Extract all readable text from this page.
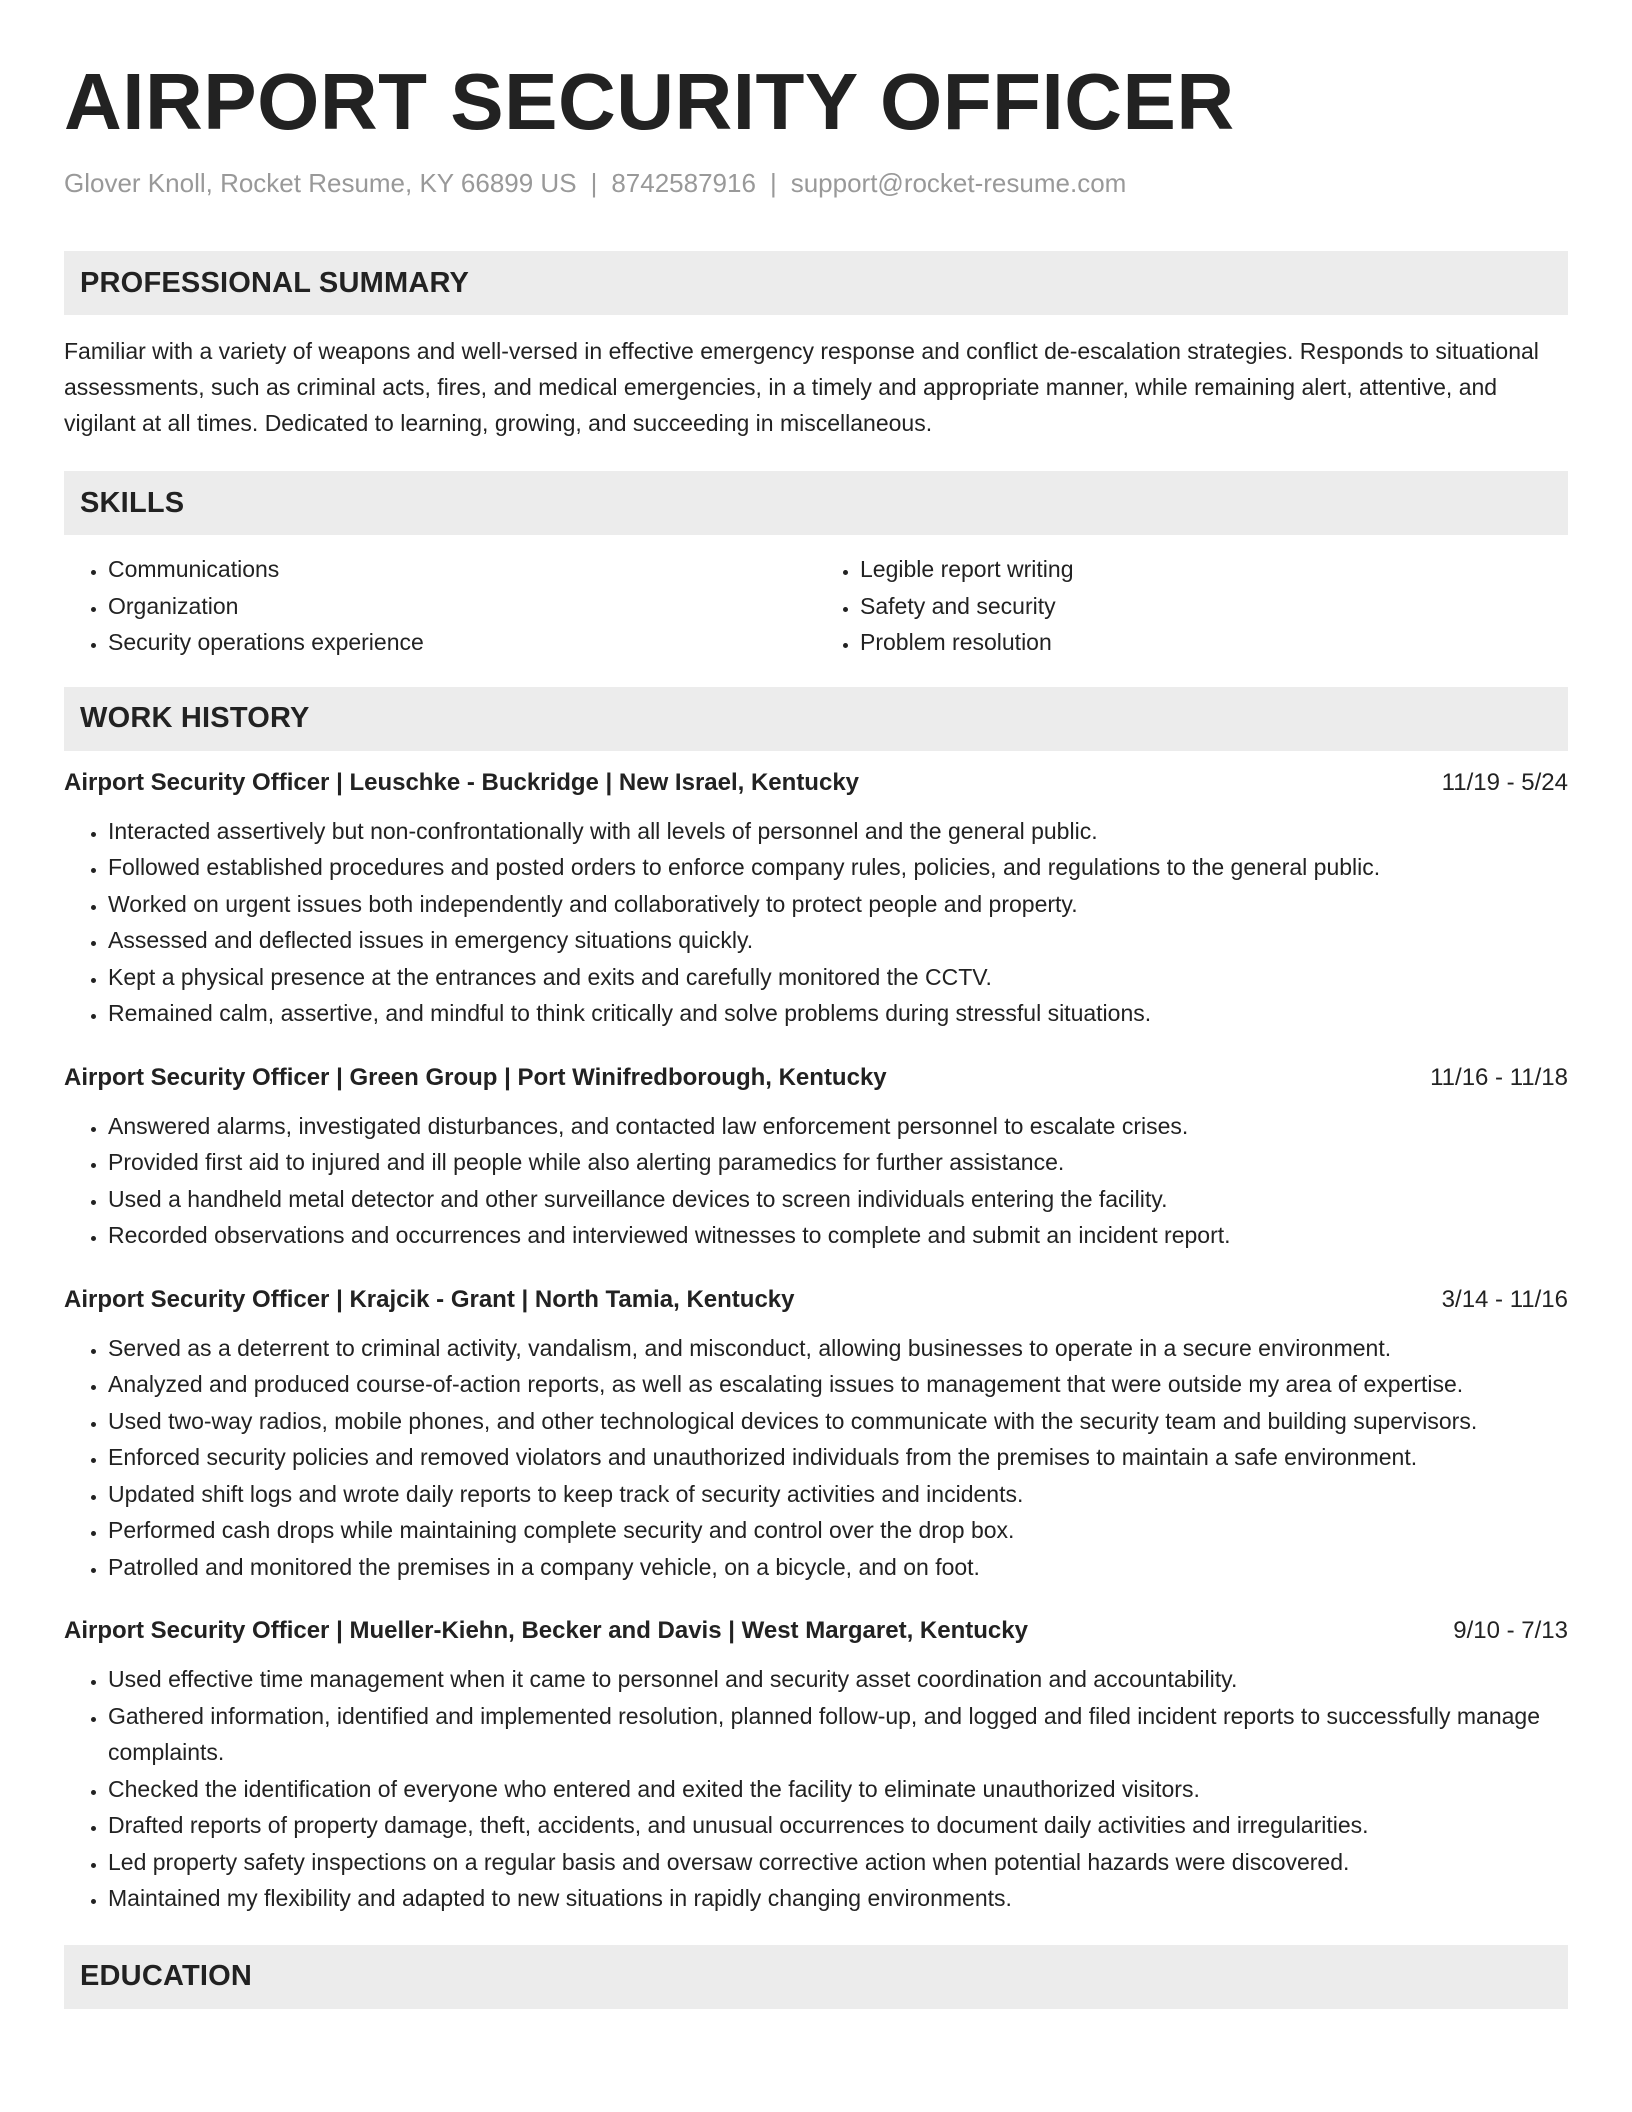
AIRPORT SECURITY OFFICER
Glover Knoll, Rocket Resume, KY 66899 US | 8742587916 | support@rocket-resume.com
PROFESSIONAL SUMMARY

Familiar with a variety of weapons and well-versed in effective emergency response and conflict de-escalation strategies. Responds to situational assessments, such as criminal acts, fires, and medical emergencies, in a timely and appropriate manner, while remaining alert, attentive, and vigilant at all times. Dedicated to learning, growing, and succeeding in miscellaneous.

SKILLS
• Communications
• Organization
• Security operations experience
• Legible report writing
• Safety and security
• Problem resolution
WORK HISTORY
Airport Security Officer | Leuschke - Buckridge | New Israel, Kentucky	11/19 - 5/24
• Interacted assertively but non-confrontationally with all levels of personnel and the general public.
• Followed established procedures and posted orders to enforce company rules, policies, and regulations to the general public.
• Worked on urgent issues both independently and collaboratively to protect people and property.
• Assessed and deflected issues in emergency situations quickly.
• Kept a physical presence at the entrances and exits and carefully monitored the CCTV.
• Remained calm, assertive, and mindful to think critically and solve problems during stressful situations.
Airport Security Officer | Green Group | Port Winifredborough, Kentucky	11/16 - 11/18
• Answered alarms, investigated disturbances, and contacted law enforcement personnel to escalate crises.
• Provided first aid to injured and ill people while also alerting paramedics for further assistance.
• Used a handheld metal detector and other surveillance devices to screen individuals entering the facility.
• Recorded observations and occurrences and interviewed witnesses to complete and submit an incident report.
Airport Security Officer | Krajcik - Grant | North Tamia, Kentucky	3/14 - 11/16
• Served as a deterrent to criminal activity, vandalism, and misconduct, allowing businesses to operate in a secure environment.
• Analyzed and produced course-of-action reports, as well as escalating issues to management that were outside my area of expertise.
• Used two-way radios, mobile phones, and other technological devices to communicate with the security team and building supervisors.
• Enforced security policies and removed violators and unauthorized individuals from the premises to maintain a safe environment.
• Updated shift logs and wrote daily reports to keep track of security activities and incidents.
• Performed cash drops while maintaining complete security and control over the drop box.
• Patrolled and monitored the premises in a company vehicle, on a bicycle, and on foot.
Airport Security Officer | Mueller-Kiehn, Becker and Davis | West Margaret, Kentucky	9/10 - 7/13
• Used effective time management when it came to personnel and security asset coordination and accountability.
• Gathered information, identified and implemented resolution, planned follow-up, and logged and filed incident reports to successfully manage complaints.
• Checked the identification of everyone who entered and exited the facility to eliminate unauthorized visitors.
• Drafted reports of property damage, theft, accidents, and unusual occurrences to document daily activities and irregularities.
• Led property safety inspections on a regular basis and oversaw corrective action when potential hazards were discovered.
• Maintained my flexibility and adapted to new situations in rapidly changing environments.
EDUCATION
